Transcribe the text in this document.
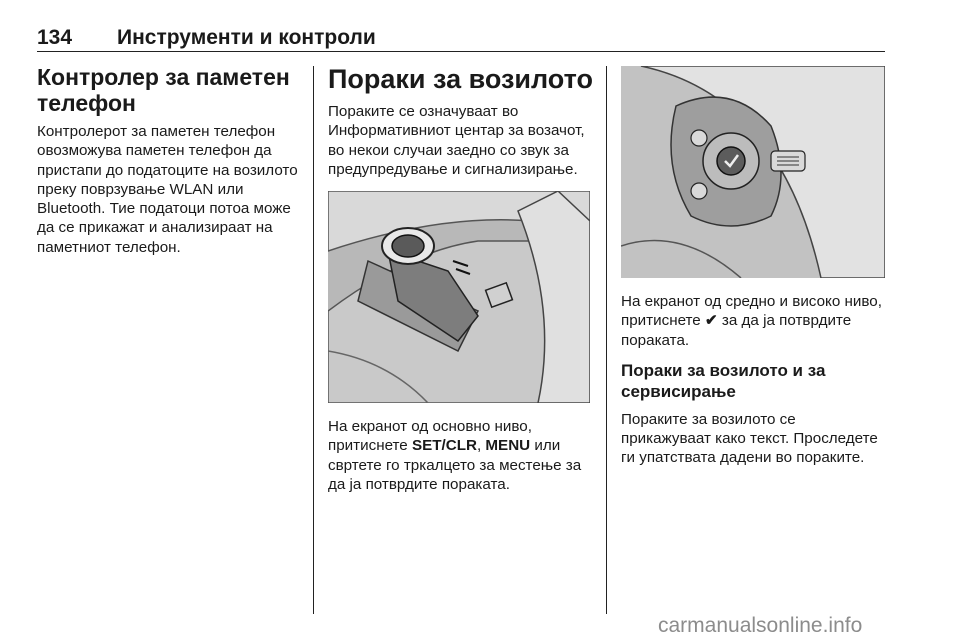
134 Инструменти и контроли
Контролер за паметен телефон

Контролерот за паметен телефон овозможува паметен телефон да пристапи до податоците на возилото преку поврзување WLAN или Bluetooth. Тие податоци потоа може да се прикажат и анализираат на паметниот телефон.

Пораки за возилото

Пораките се означуваат во Информативниот центар за возачот, во некои случаи заедно со звук за предупредување и сигнализирање.

На екранот од основно ниво, притиснете SET/CLR, MENU или свртете го тркалцето за местење за да ја потврдите пораката.

На екранот од средно и високо ниво, притиснете ✔ за да ја потврдите пораката.

Пораки за возилото и за сервисирање

Пораките за возилото се прикажуваат како текст. Проследете ги упатствата дадени во пораките.

carmanualsonline.info
